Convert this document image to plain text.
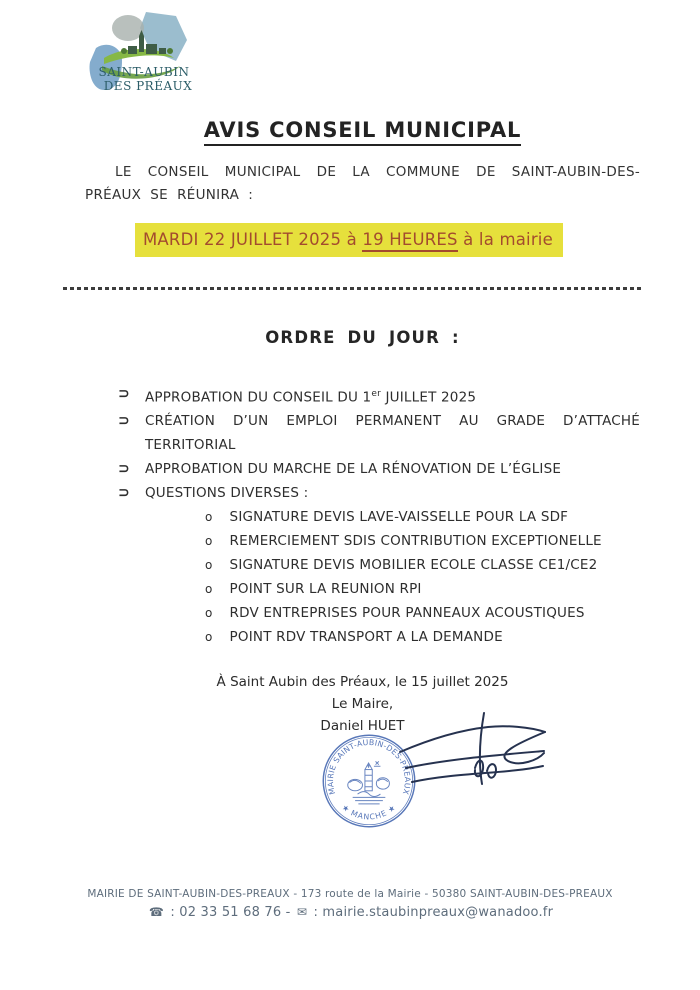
SAINT-AUBIN
DES PRÉAUX
AVIS CONSEIL MUNICIPAL

LE CONSEIL MUNICIPAL DE LA COMMUNE DE SAINT-AUBIN-DES-PRÉAUX SE RÉUNIRA :

MARDI 22 JUILLET 2025 à 19 HEURES à la mairie
ORDRE DU JOUR :
⊃ APPROBATION DU CONSEIL DU 1er JUILLET 2025
⊃ CRÉATION D’UN EMPLOI PERMANENT AU GRADE D’ATTACHÉ TERRITORIAL
⊃ APPROBATION DU MARCHE DE LA RÉNOVATION DE L’ÉGLISE
⊃ QUESTIONS DIVERSES :
o SIGNATURE DEVIS LAVE-VAISSELLE POUR LA SDF
o REMERCIEMENT SDIS CONTRIBUTION EXCEPTIONELLE
o SIGNATURE DEVIS MOBILIER ECOLE CLASSE CE1/CE2
o POINT SUR LA REUNION RPI
o RDV ENTREPRISES POUR PANNEAUX ACOUSTIQUES
o POINT RDV TRANSPORT A LA DEMANDE
À Saint Aubin des Préaux, le 15 juillet 2025
Le Maire,
Daniel HUET
MAIRIE SAINT-AUBIN-DES-PREAUX
★ MANCHE ★
MAIRIE DE SAINT-AUBIN-DES-PREAUX - 173 route de la Mairie - 50380 SAINT-AUBIN-DES-PREAUX
☎ : 02 33 51 68 76 - ✉ : mairie.staubinpreaux@wanadoo.fr
